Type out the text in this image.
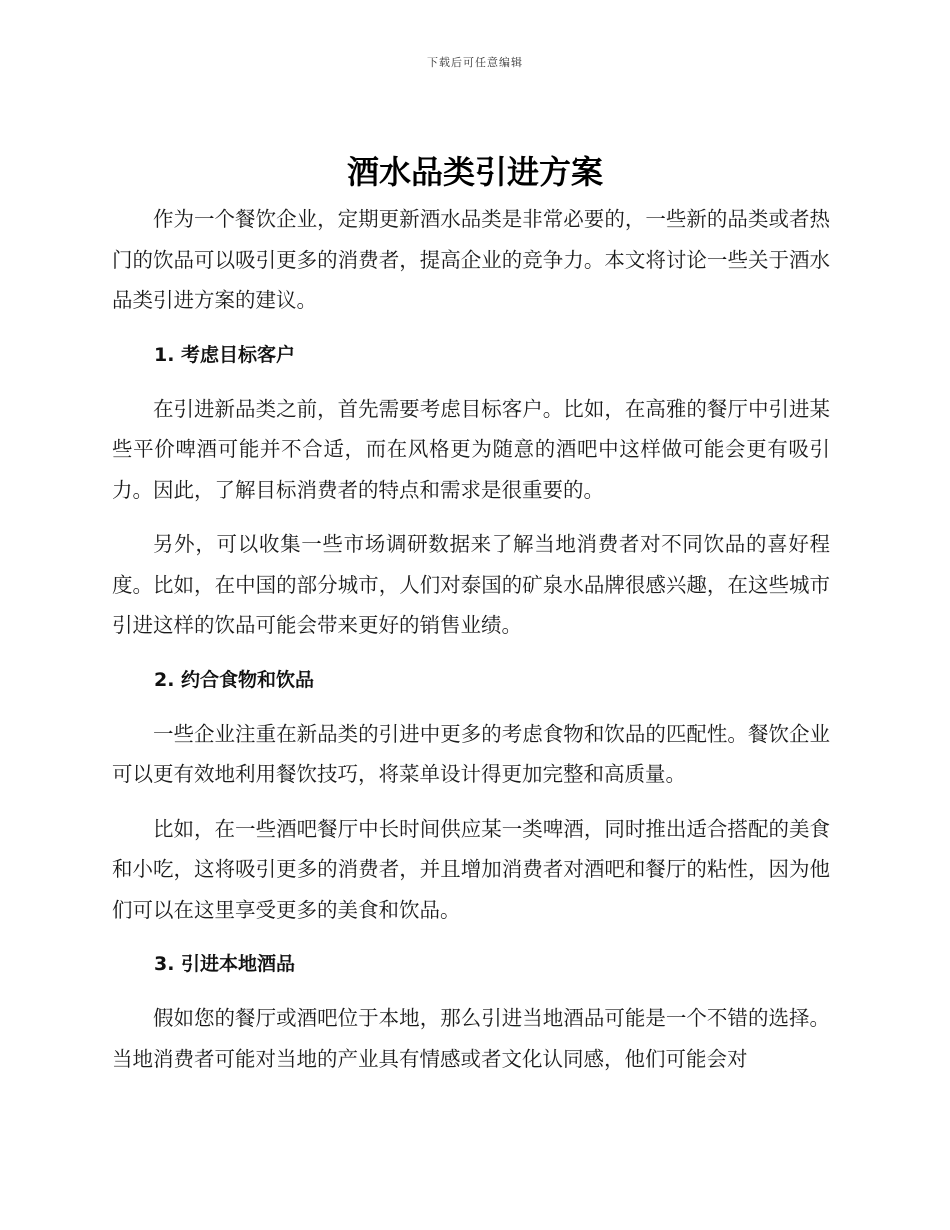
下载后可任意编辑
酒水品类引进方案

作为一个餐饮企业，定期更新酒水品类是非常必要的，一些新的品类或者热门的饮品可以吸引更多的消费者，提高企业的竞争力。本文将讨论一些关于酒水品类引进方案的建议。

1. 考虑目标客户

在引进新品类之前，首先需要考虑目标客户。比如，在高雅的餐厅中引进某些平价啤酒可能并不合适，而在风格更为随意的酒吧中这样做可能会更有吸引力。因此，了解目标消费者的特点和需求是很重要的。

另外，可以收集一些市场调研数据来了解当地消费者对不同饮品的喜好程度。比如，在中国的部分城市，人们对泰国的矿泉水品牌很感兴趣，在这些城市引进这样的饮品可能会带来更好的销售业绩。

2. 约合食物和饮品

一些企业注重在新品类的引进中更多的考虑食物和饮品的匹配性。餐饮企业可以更有效地利用餐饮技巧，将菜单设计得更加完整和高质量。

比如，在一些酒吧餐厅中长时间供应某一类啤酒，同时推出适合搭配的美食和小吃，这将吸引更多的消费者，并且增加消费者对酒吧和餐厅的粘性，因为他们可以在这里享受更多的美食和饮品。

3. 引进本地酒品

假如您的餐厅或酒吧位于本地，那么引进当地酒品可能是一个不错的选择。当地消费者可能对当地的产业具有情感或者文化认同感，他们可能会对
